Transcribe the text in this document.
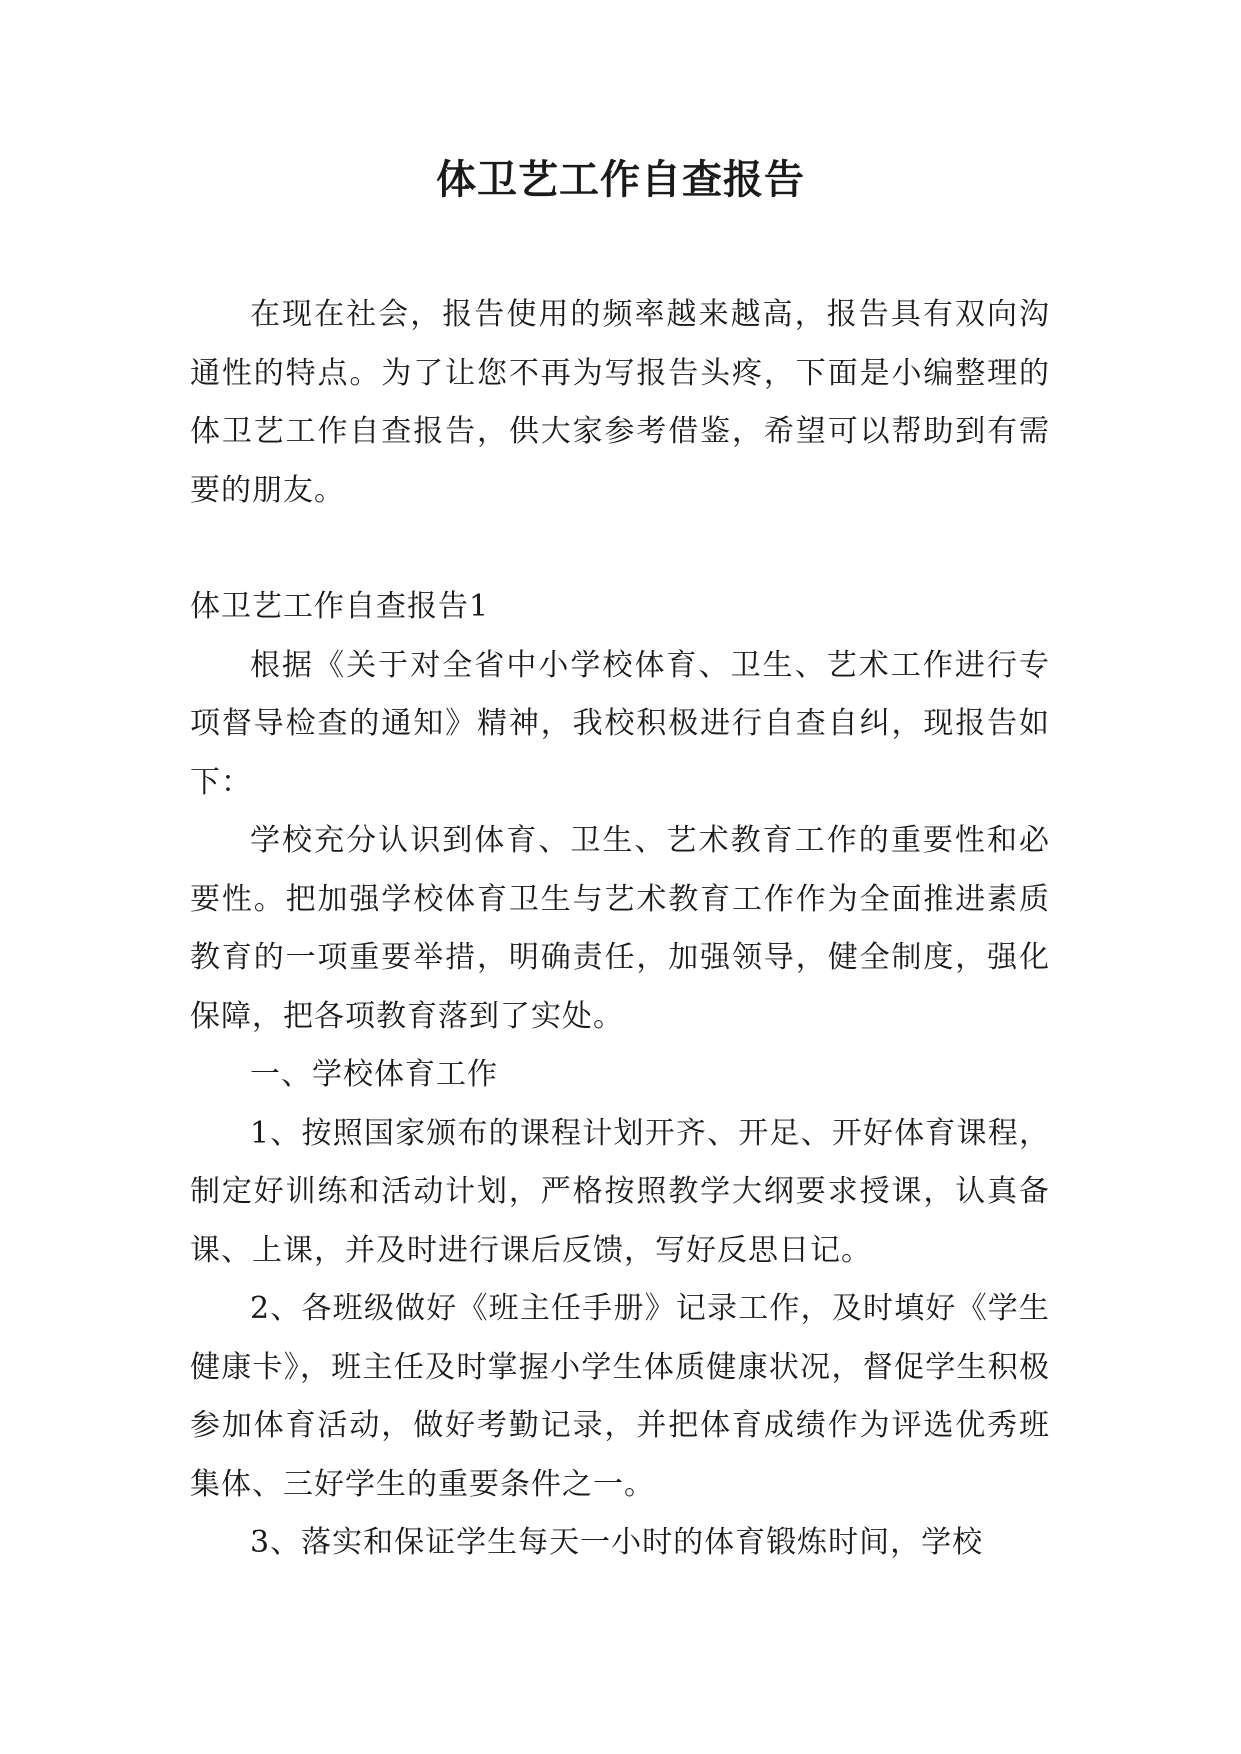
体卫艺工作自查报告

在现在社会，报告使用的频率越来越高，报告具有双向沟通性的特点。为了让您不再为写报告头疼，下面是小编整理的体卫艺工作自查报告，供大家参考借鉴，希望可以帮助到有需要的朋友。

体卫艺工作自查报告1

根据《关于对全省中小学校体育、卫生、艺术工作进行专项督导检查的通知》精神，我校积极进行自查自纠，现报告如下：

学校充分认识到体育、卫生、艺术教育工作的重要性和必要性。把加强学校体育卫生与艺术教育工作作为全面推进素质教育的一项重要举措，明确责任，加强领导，健全制度，强化保障，把各项教育落到了实处。

一、学校体育工作

1、按照国家颁布的课程计划开齐、开足、开好体育课程，制定好训练和活动计划，严格按照教学大纲要求授课，认真备课、上课，并及时进行课后反馈，写好反思日记。

2、各班级做好《班主任手册》记录工作，及时填好《学生健康卡》，班主任及时掌握小学生体质健康状况，督促学生积极参加体育活动，做好考勤记录，并把体育成绩作为评选优秀班集体、三好学生的重要条件之一。

3、落实和保证学生每天一小时的体育锻炼时间，学校
